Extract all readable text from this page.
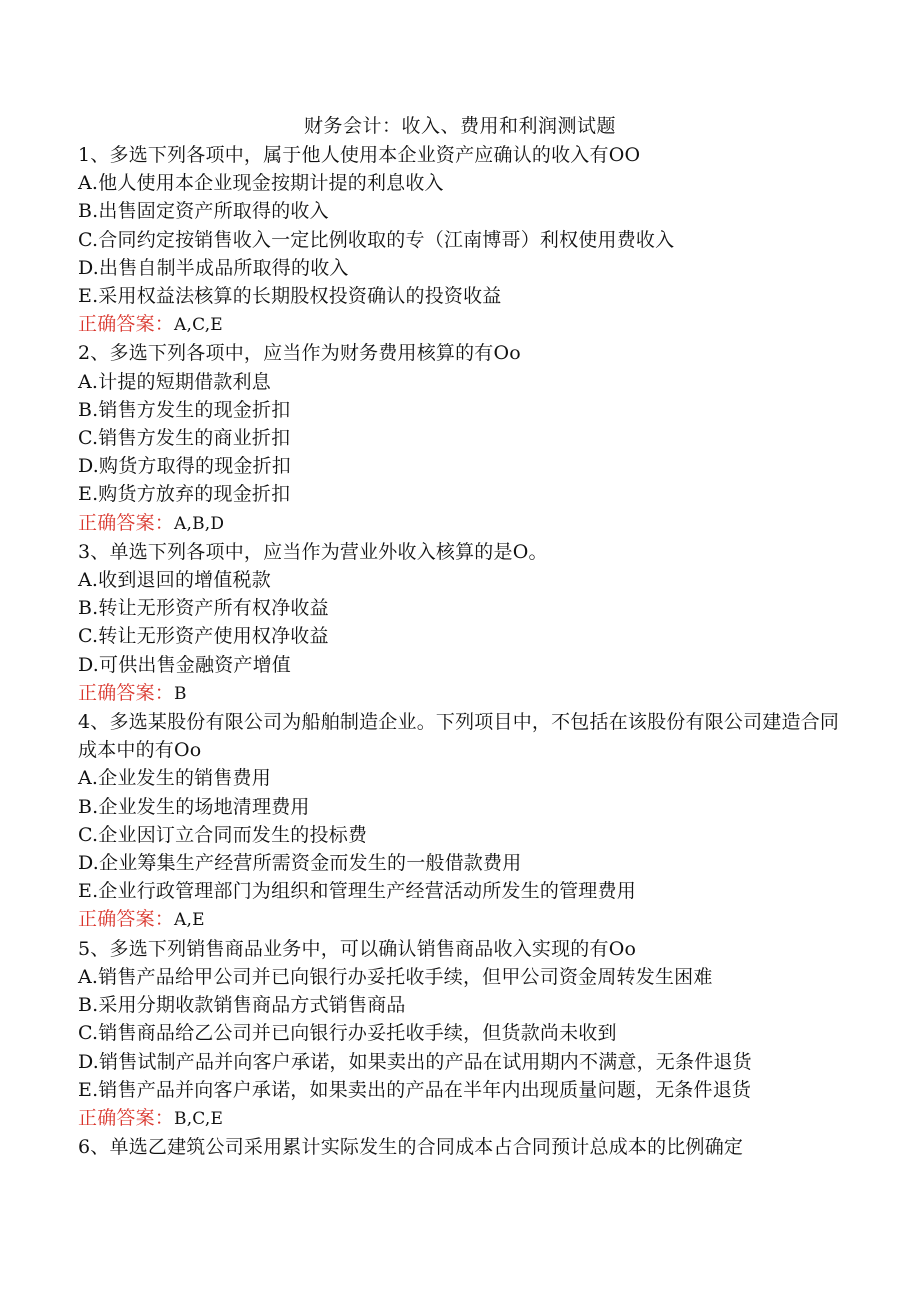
财务会计：收入、费用和利润测试题
1、多选下列各项中，属于他人使用本企业资产应确认的收入有OO
A.他人使用本企业现金按期计提的利息收入
B.出售固定资产所取得的收入
C.合同约定按销售收入一定比例收取的专（江南博哥）利权使用费收入
D.出售自制半成品所取得的收入
E.采用权益法核算的长期股权投资确认的投资收益
正确答案：A,C,E
2、多选下列各项中，应当作为财务费用核算的有Oo
A.计提的短期借款利息
B.销售方发生的现金折扣
C.销售方发生的商业折扣
D.购货方取得的现金折扣
E.购货方放弃的现金折扣
正确答案：A,B,D
3、单选下列各项中，应当作为营业外收入核算的是O。
A.收到退回的增值税款
B.转让无形资产所有权净收益
C.转让无形资产使用权净收益
D.可供出售金融资产增值
正确答案：B
4、多选某股份有限公司为船舶制造企业。下列项目中，不包括在该股份有限公司建造合同成本中的有Oo
A.企业发生的销售费用
B.企业发生的场地清理费用
C.企业因订立合同而发生的投标费
D.企业筹集生产经营所需资金而发生的一般借款费用
E.企业行政管理部门为组织和管理生产经营活动所发生的管理费用
正确答案：A,E
5、多选下列销售商品业务中，可以确认销售商品收入实现的有Oo
A.销售产品给甲公司并已向银行办妥托收手续，但甲公司资金周转发生困难
B.采用分期收款销售商品方式销售商品
C.销售商品给乙公司并已向银行办妥托收手续，但货款尚未收到
D.销售试制产品并向客户承诺，如果卖出的产品在试用期内不满意，无条件退货
E.销售产品并向客户承诺，如果卖出的产品在半年内出现质量问题，无条件退货
正确答案：B,C,E
6、单选乙建筑公司采用累计实际发生的合同成本占合同预计总成本的比例确定
